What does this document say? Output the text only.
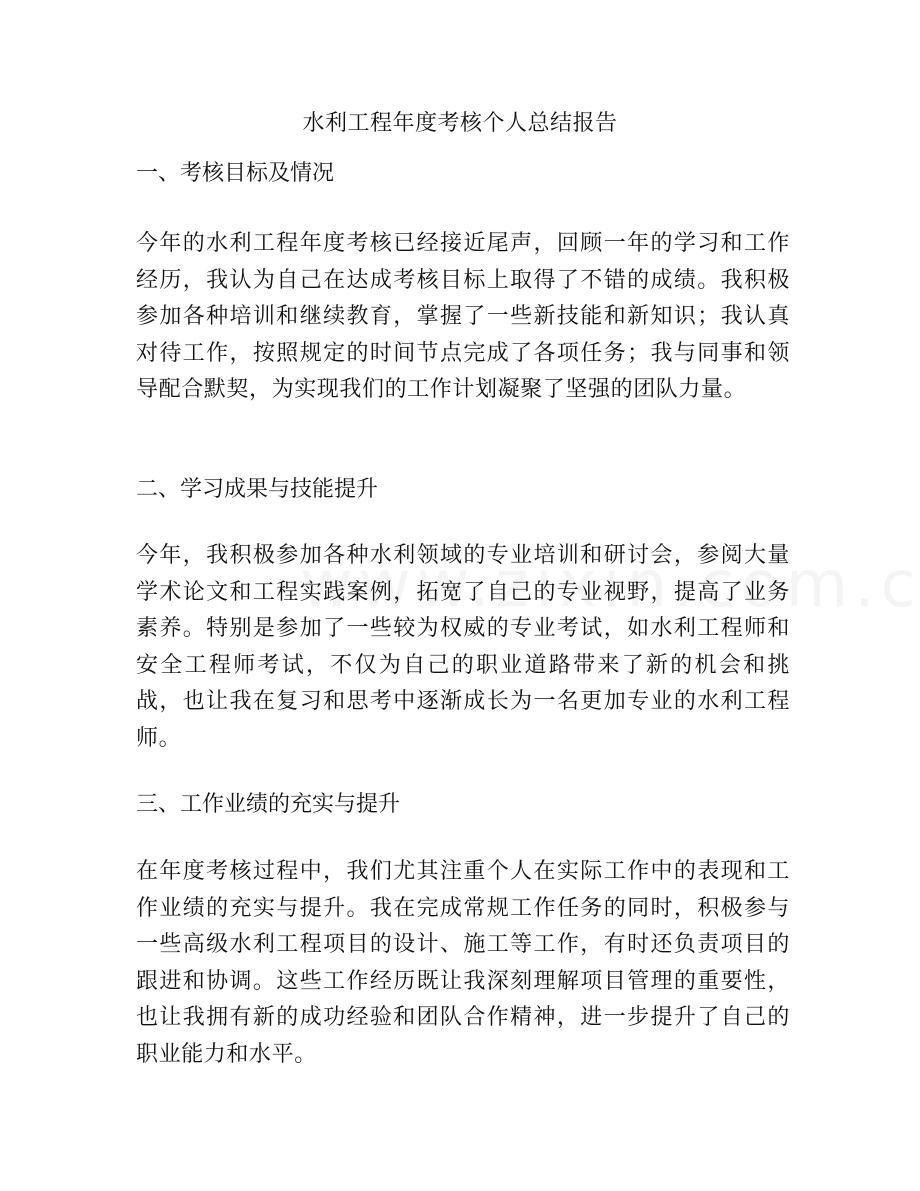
水利工程年度考核个人总结报告
一、考核目标及情况
今年的水利工程年度考核已经接近尾声，回顾一年的学习和工作经历，我认为自己在达成考核目标上取得了不错的成绩。我积极参加各种培训和继续教育，掌握了一些新技能和新知识；我认真对待工作，按照规定的时间节点完成了各项任务；我与同事和领导配合默契，为实现我们的工作计划凝聚了坚强的团队力量。
二、学习成果与技能提升
今年，我积极参加各种水利领域的专业培训和研讨会，参阅大量学术论文和工程实践案例，拓宽了自己的专业视野，提高了业务素养。特别是参加了一些较为权威的专业考试，如水利工程师和安全工程师考试，不仅为自己的职业道路带来了新的机会和挑战，也让我在复习和思考中逐渐成长为一名更加专业的水利工程师。
三、工作业绩的充实与提升
在年度考核过程中，我们尤其注重个人在实际工作中的表现和工作业绩的充实与提升。我在完成常规工作任务的同时，积极参与一些高级水利工程项目的设计、施工等工作，有时还负责项目的跟进和协调。这些工作经历既让我深刻理解项目管理的重要性，也让我拥有新的成功经验和团队合作精神，进一步提升了自己的职业能力和水平。
